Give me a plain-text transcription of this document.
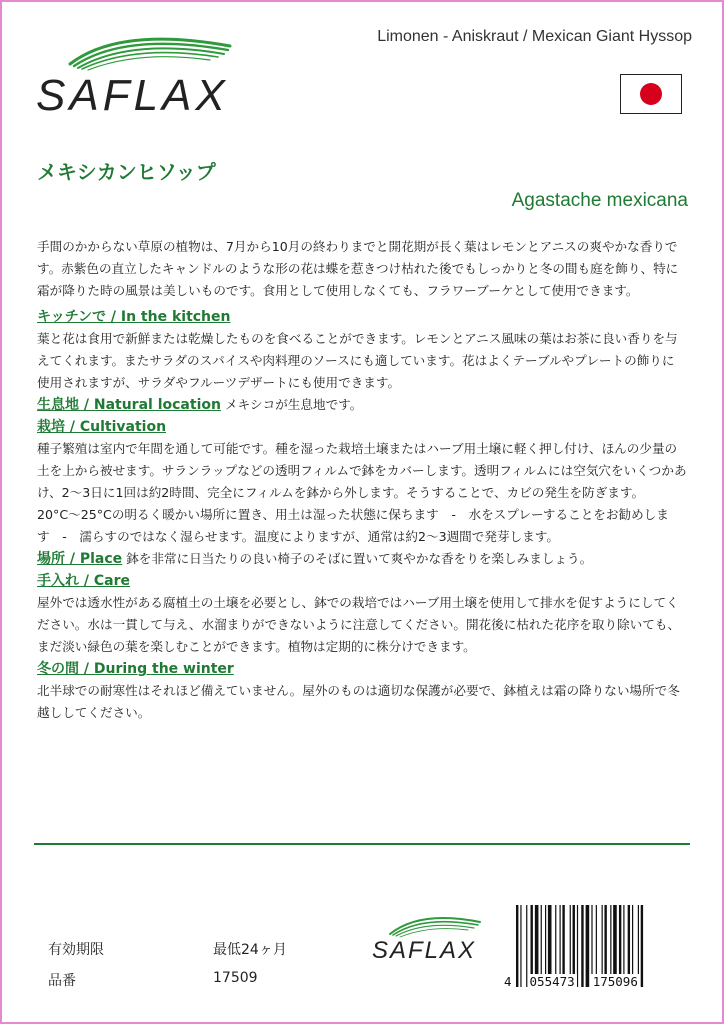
SAFLAX
Limonen - Aniskraut / Mexican Giant Hyssop
メキシカンヒソップ
Agastache mexicana

手間のかからない草原の植物は、7月から10月の終わりまでと開花期が長く葉はレモンとアニスの爽やかな香りです。赤紫色の直立したキャンドルのような形の花は蝶を惹きつけ枯れた後でもしっかりと冬の間も庭を飾り、特に霜が降りた時の風景は美しいものです。食用として使用しなくても、フラワーブーケとして使用できます。

キッチンで / In the kitchen
葉と花は食用で新鮮または乾燥したものを食べることができます。レモンとアニス風味の葉はお茶に良い香りを与えてくれます。またサラダのスパイスや肉料理のソースにも適しています。花はよくテーブルやプレートの飾りに使用されますが、サラダやフルーツデザートにも使用できます。

生息地 / Natural location メキシコが生息地です。

栽培 / Cultivation
種子繁殖は室内で年間を通して可能です。種を湿った栽培土壌またはハーブ用土壌に軽く押し付け、ほんの少量の土を上から被せます。サランラップなどの透明フィルムで鉢をカバーします。透明フィルムには空気穴をいくつかあけ、2～3日に1回は約2時間、完全にフィルムを鉢から外します。そうすることで、カビの発生を防ぎます。20°C〜25°Cの明るく暖かい場所に置き、用土は湿った状態に保ちます　-　水をスプレーすることをお勧めします　-　濡らすのではなく湿らせます。温度によりますが、通常は約2〜3週間で発芽します。

場所 / Place 鉢を非常に日当たりの良い椅子のそばに置いて爽やかな香をりを楽しみましょう。

手入れ / Care
屋外では透水性がある腐植土の土壌を必要とし、鉢での栽培ではハーブ用土壌を使用して排水を促すようにしてください。水は一貫して与え、水溜まりができないように注意してください。開花後に枯れた花序を取り除いても、まだ淡い緑色の葉を楽しむことができます。植物は定期的に株分けできます。

冬の間 / During the winter
北半球での耐寒性はそれほど備えていません。屋外のものは適切な保護が必要で、鉢植えは霜の降りない場所で冬越ししてください。

有効期限	最低24ヶ月
品番	17509
SAFLAX
4 055473 175096
